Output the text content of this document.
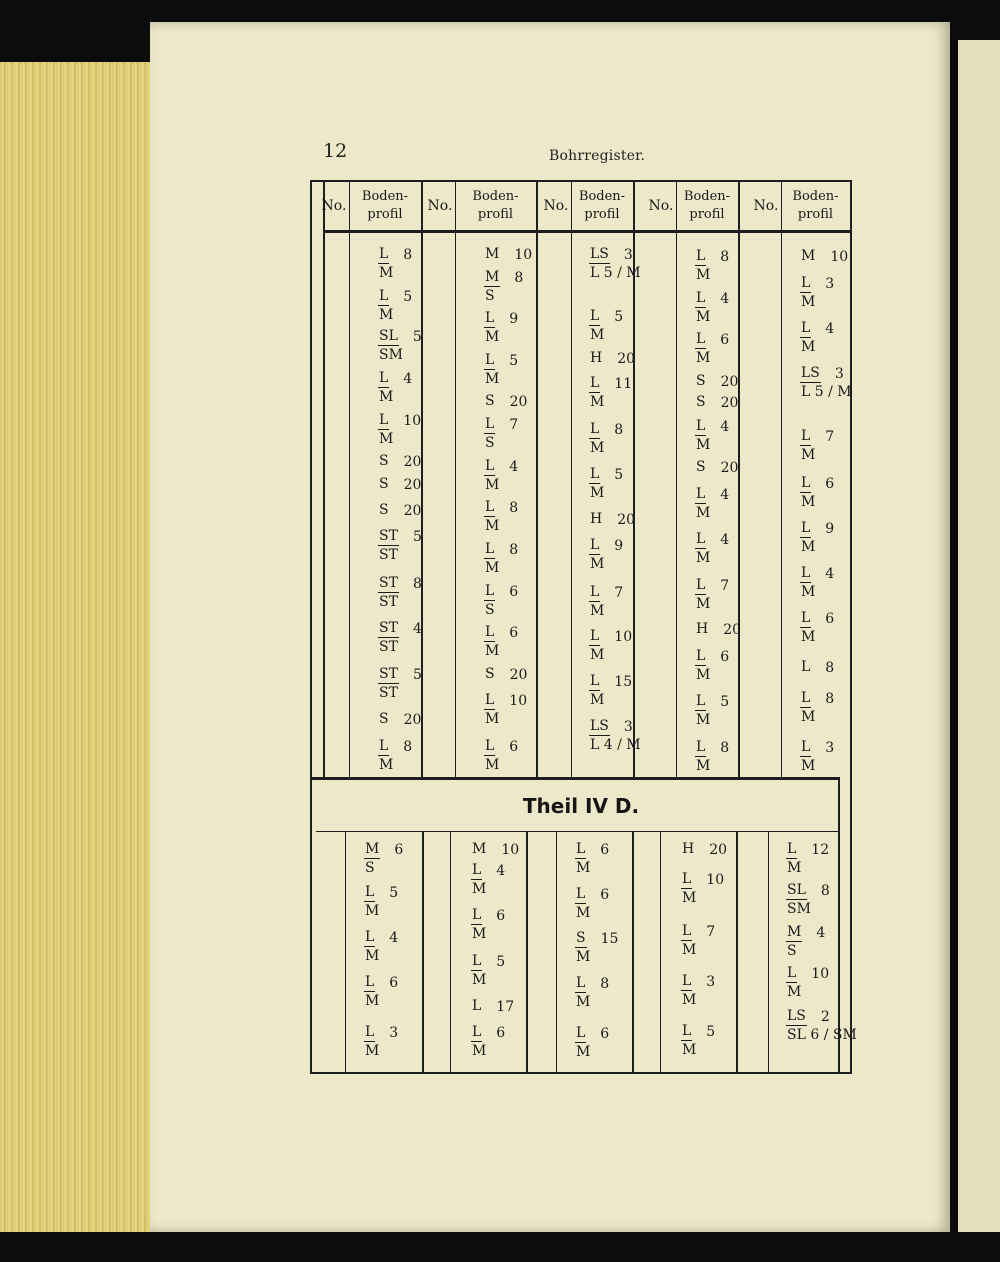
12	Bohrregister.
Theil IV D.
No.
Boden-
profil
No.
Boden-
profil
No.
Boden-
profil
No.
Boden-
profil
No.
Boden-
profil
L 8
M
L 5
M
SL 5
SM
L 4
M
L 10
M
S 20
S 20
S 20
ST 5
ST
ST 8
ST
ST 4
ST
ST 5
ST
S 20
L 8
M
M 10
M 8
S
L 9
M
L 5
M
S 20
L 7
S
L 4
M
L 8
M
L 8
M
L 6
S
L 6
M
S 20
L 10
M
L 6
M
LS 3
L 5 / M
L 5
M
H 20
L 11
M
L 8
M
L 5
M
H 20
L 9
M
L 7
M
L 10
M
L 15
M
LS 3
L 4 / M
L 8
M
L 4
M
L 6
M
S 20
S 20
L 4
M
S 20
L 4
M
L 4
M
L 7
M
H 20
L 6
M
L 5
M
L 8
M
M 10
L 3
M
L 4
M
LS 3
L 5 / M
L 7
M
L 6
M
L 9
M
L 4
M
L 6
M
L 8
L 8
M
L 3
M
M 6
S
L 5
M
L 4
M
L 6
M
L 3
M
M 10
L 4
M
L 6
M
L 5
M
L 17
L 6
M
L 6
M
L 6
M
S 15
M
L 8
M
L 6
M
H 20
L 10
M
L 7
M
L 3
M
L 5
M
L 12
M
SL 8
SM
M 4
S
L 10
M
LS 2
SL 6 / SM
